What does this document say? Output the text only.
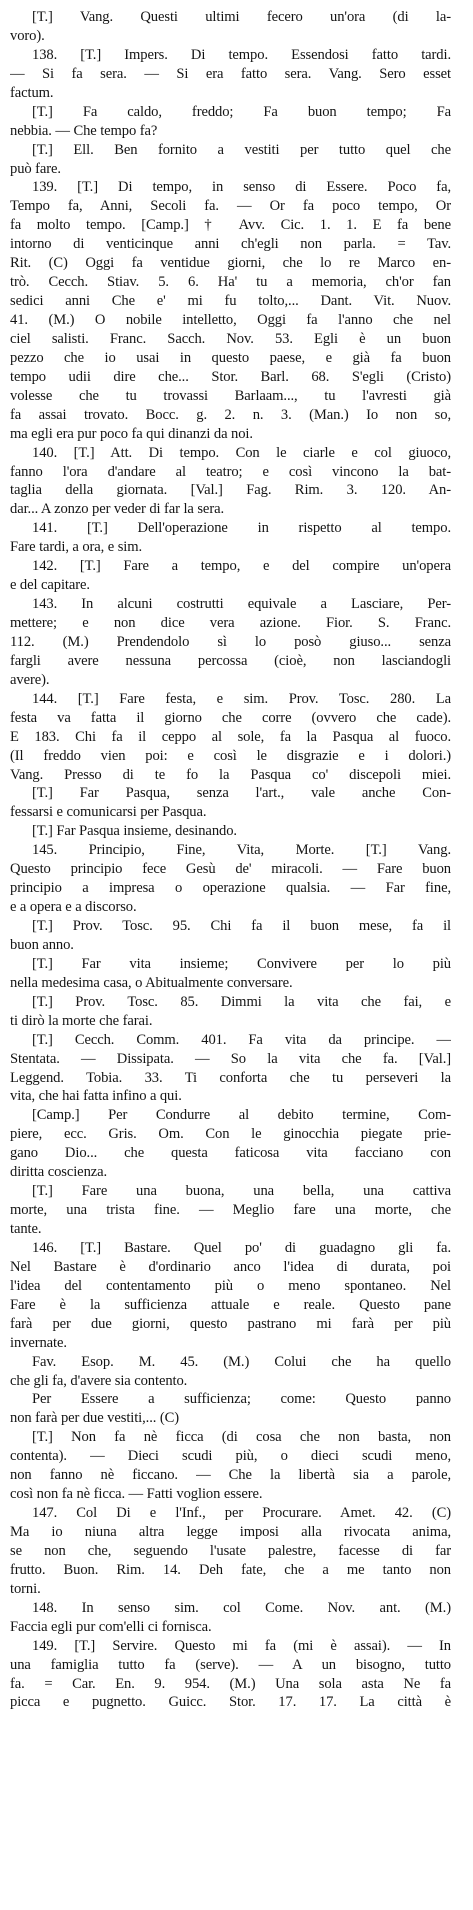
[T.] Vang. Questi ultimi fecero un'ora (di la-
voro).
138. [T.] Impers. Di tempo. Essendosi fatto tardi.
— Si fa sera. — Si era fatto sera. Vang. Sero esset
factum.
[T.] Fa caldo, freddo; Fa buon tempo; Fa
nebbia. — Che tempo fa?
[T.] Ell. Ben fornito a vestiti per tutto quel che
può fare.
139. [T.] Di tempo, in senso di Essere. Poco fa,
Tempo fa, Anni, Secoli fa. — Or fa poco tempo, Or
fa molto tempo. [Camp.] † Avv. Cic. 1. 1. E fa bene
intorno di venticinque anni ch'egli non parla. = Tav.
Rit. (C) Oggi fa ventidue giorni, che lo re Marco en-
trò. Cecch. Stiav. 5. 6. Ha' tu a memoria, ch'or fan
sedici anni Che e' mi fu tolto,... Dant. Vit. Nuov.
41. (M.) O nobile intelletto, Oggi fa l'anno che nel
ciel salisti. Franc. Sacch. Nov. 53. Egli è un buon
pezzo che io usai in questo paese, e già fa buon
tempo udii dire che... Stor. Barl. 68. S'egli (Cristo)
volesse che tu trovassi Barlaam..., tu l'avresti già
fa assai trovato. Bocc. g. 2. n. 3. (Man.) Io non so,
ma egli era pur poco fa qui dinanzi da noi.
140. [T.] Att. Di tempo. Con le ciarle e col giuoco,
fanno l'ora d'andare al teatro; e così vincono la bat-
taglia della giornata. [Val.] Fag. Rim. 3. 120. An-
dar... A zonzo per veder di far la sera.
141. [T.] Dell'operazione in rispetto al tempo.
Fare tardi, a ora, e sim.
142. [T.] Fare a tempo, e del compire un'opera
e del capitare.
143. In alcuni costrutti equivale a Lasciare, Per-
mettere; e non dice vera azione. Fior. S. Franc.
112. (M.) Prendendolo sì lo posò giuso... senza
fargli avere nessuna percossa (cioè, non lasciandogli
avere).
144. [T.] Fare festa, e sim. Prov. Tosc. 280. La
festa va fatta il giorno che corre (ovvero che cade).
E 183. Chi fa il ceppo al sole, fa la Pasqua al fuoco.
(Il freddo vien poi: e così le disgrazie e i dolori.)
Vang. Presso di te fo la Pasqua co' discepoli miei.
[T.] Far Pasqua, senza l'art., vale anche Con-
fessarsi e comunicarsi per Pasqua.
[T.] Far Pasqua insieme, desinando.
145. Principio, Fine, Vita, Morte. [T.] Vang.
Questo principio fece Gesù de' miracoli. — Fare buon
principio a impresa o operazione qualsia. — Far fine,
e a opera e a discorso.
[T.] Prov. Tosc. 95. Chi fa il buon mese, fa il
buon anno.
[T.] Far vita insieme; Convivere per lo più
nella medesima casa, o Abitualmente conversare.
[T.] Prov. Tosc. 85. Dimmi la vita che fai, e
ti dirò la morte che farai.
[T.] Cecch. Comm. 401. Fa vita da principe. —
Stentata. — Dissipata. — So la vita che fa. [Val.]
Leggend. Tobia. 33. Ti conforta che tu perseveri la
vita, che hai fatta infino a qui.
[Camp.] Per Condurre al debito termine, Com-
piere, ecc. Gris. Om. Con le ginocchia piegate prie-
gano Dio... che questa faticosa vita facciano con
diritta coscienza.
[T.] Fare una buona, una bella, una cattiva
morte, una trista fine. — Meglio fare una morte, che
tante.
146. [T.] Bastare. Quel po' di guadagno gli fa.
Nel Bastare è d'ordinario anco l'idea di durata, poi
l'idea del contentamento più o meno spontaneo. Nel
Fare è la sufficienza attuale e reale. Questo pane
farà per due giorni, questo pastrano mi farà per più
invernate.
Fav. Esop. M. 45. (M.) Colui che ha quello
che gli fa, d'avere sia contento.
Per Essere a sufficienza; come: Questo panno
non farà per due vestiti,... (C)
[T.] Non fa nè ficca (di cosa che non basta, non
contenta). — Dieci scudi più, o dieci scudi meno,
non fanno nè ficcano. — Che la libertà sia a parole,
così non fa nè ficca. — Fatti voglion essere.
147. Col Di e l'Inf., per Procurare. Amet. 42. (C)
Ma io niuna altra legge imposi alla rivocata anima,
se non che, seguendo l'usate palestre, facesse di far
frutto. Buon. Rim. 14. Deh fate, che a me tanto non
torni.
148. In senso sim. col Come. Nov. ant. (M.)
Faccia egli pur com'elli ci fornisca.
149. [T.] Servire. Questo mi fa (mi è assai). — In
una famiglia tutto fa (serve). — A un bisogno, tutto
fa. = Car. En. 9. 954. (M.) Una sola asta Ne fa
picca e pugnetto. Guicc. Stor. 17. 17. La città è
